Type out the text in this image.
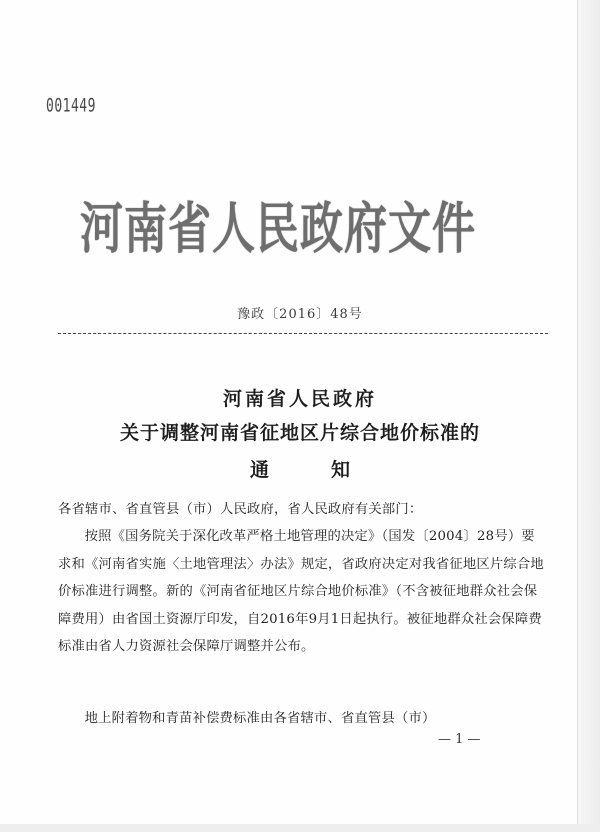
001449
河南省人民政府文件
豫政〔2016〕48号
河南省人民政府
关于调整河南省征地区片综合地价标准的
通	知
各省辖市、省直管县（市）人民政府，省人民政府有关部门：
按照《国务院关于深化改革严格土地管理的决定》（国发〔2004〕28号）要求和《河南省实施〈土地管理法〉办法》规定，省政府决定对我省征地区片综合地价标准进行调整。新的《河南省征地区片综合地价标准》（不含被征地群众社会保障费用）由省国土资源厅印发，自2016年9月1日起执行。被征地群众社会保障费标准由省人力资源社会保障厅调整并公布。
地上附着物和青苗补偿费标准由各省辖市、省直管县（市）
— 1 —
